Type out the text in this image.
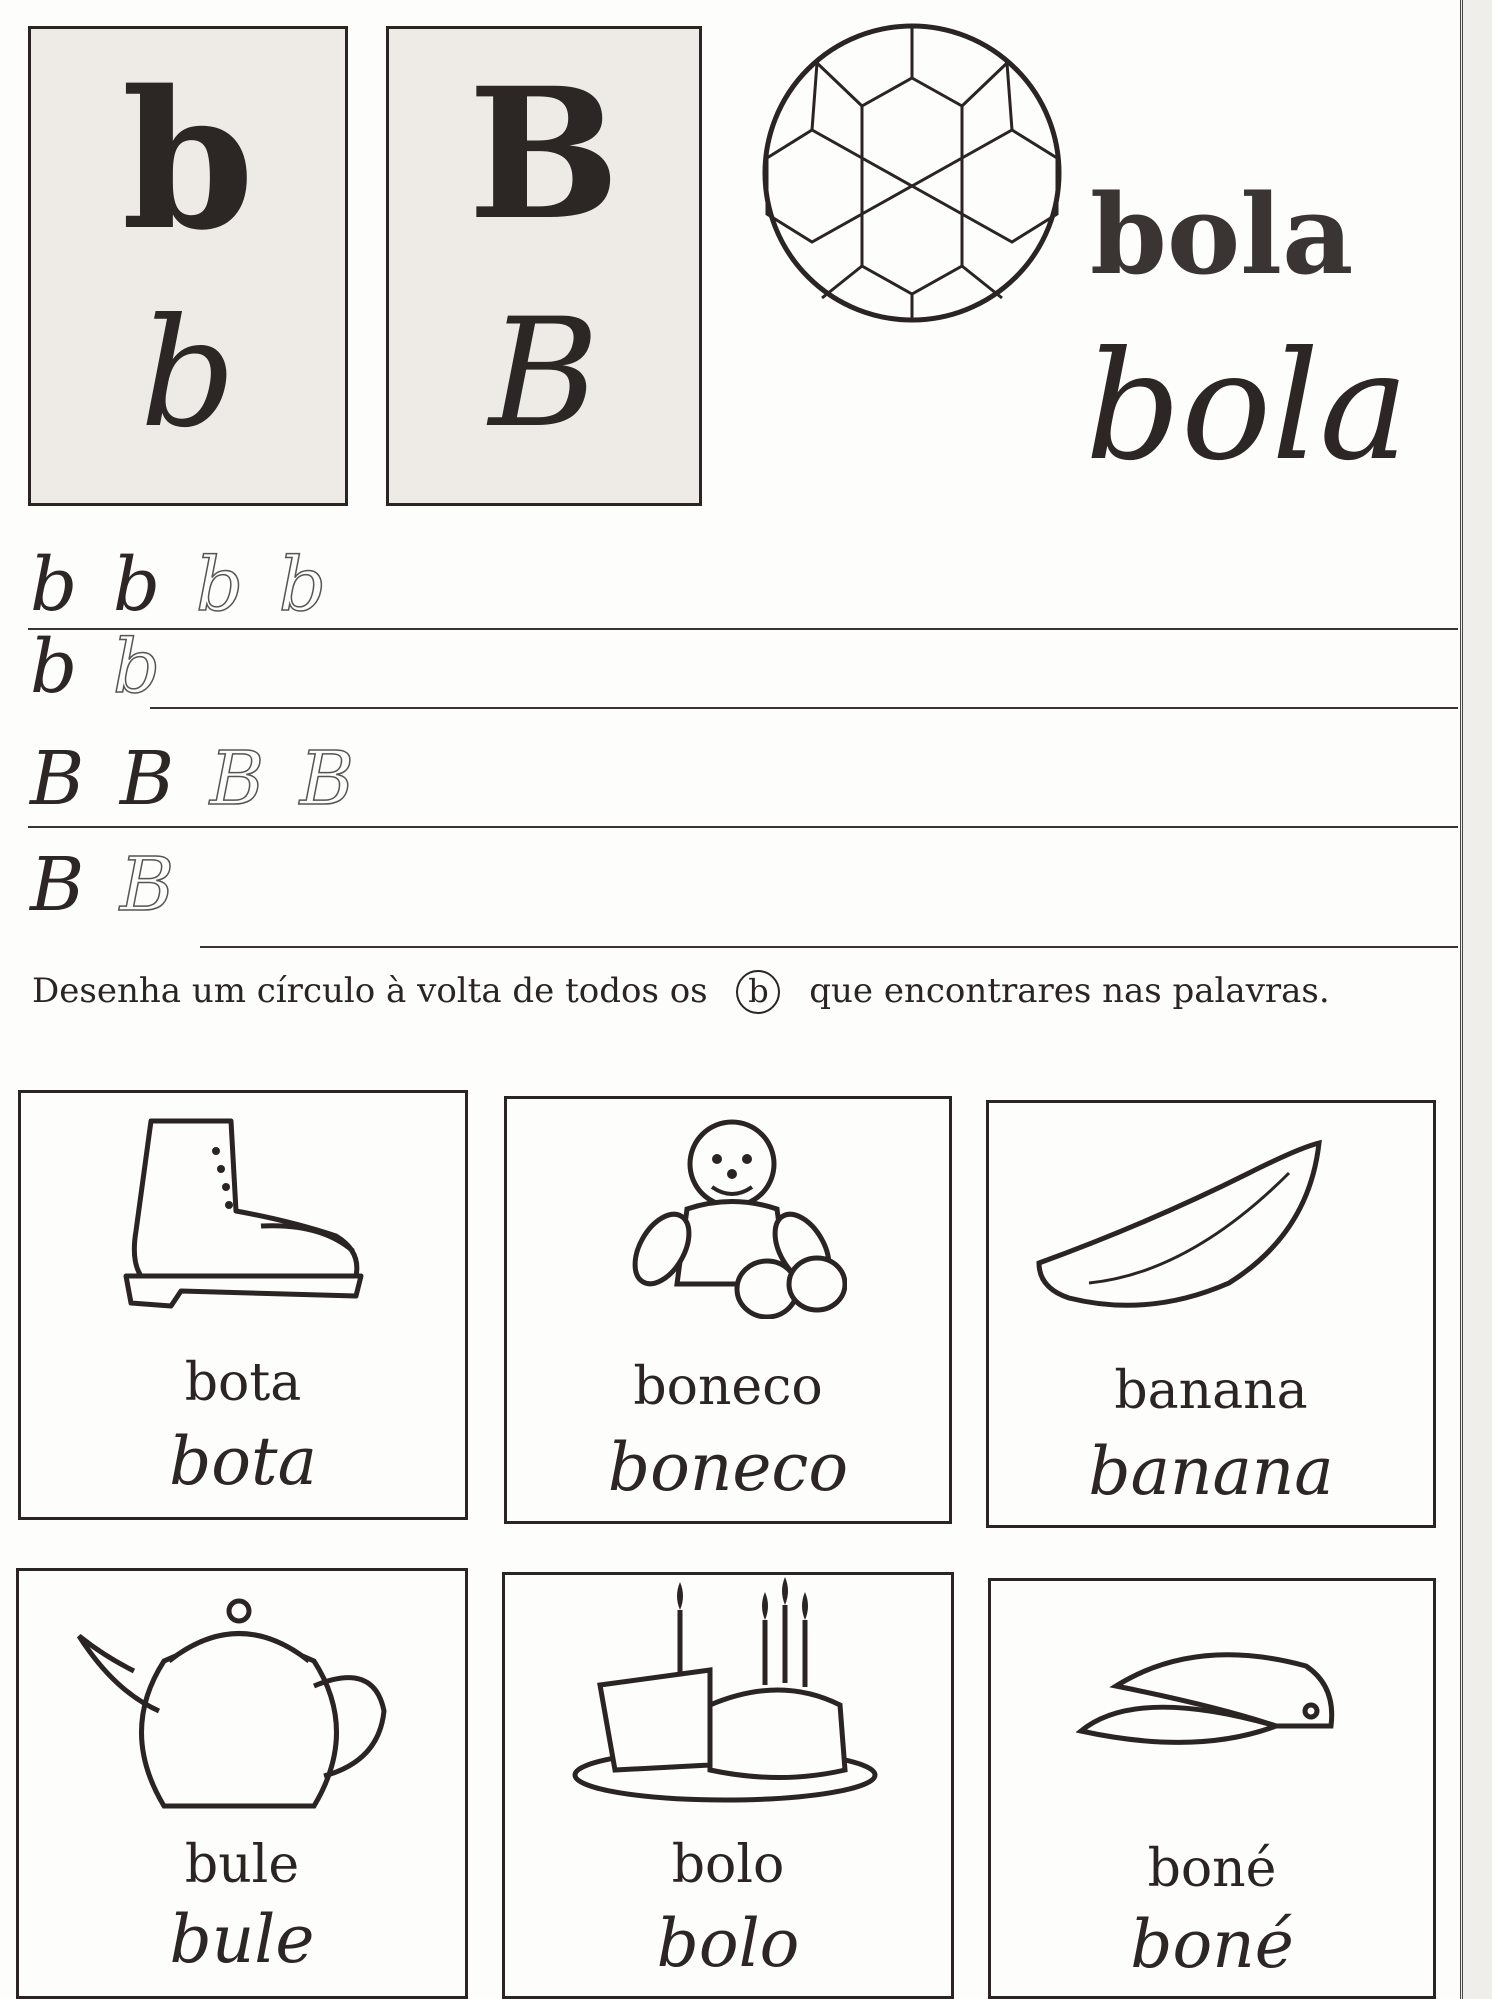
b
b
B
B
bola
bola
b b b b
b b
B B B B
B B
Desenha um círculo à volta de todos os b que encontrares nas palavras.
bota
bota
boneco
boneco
banana
banana
bule
bule
bolo
bolo
boné
boné
